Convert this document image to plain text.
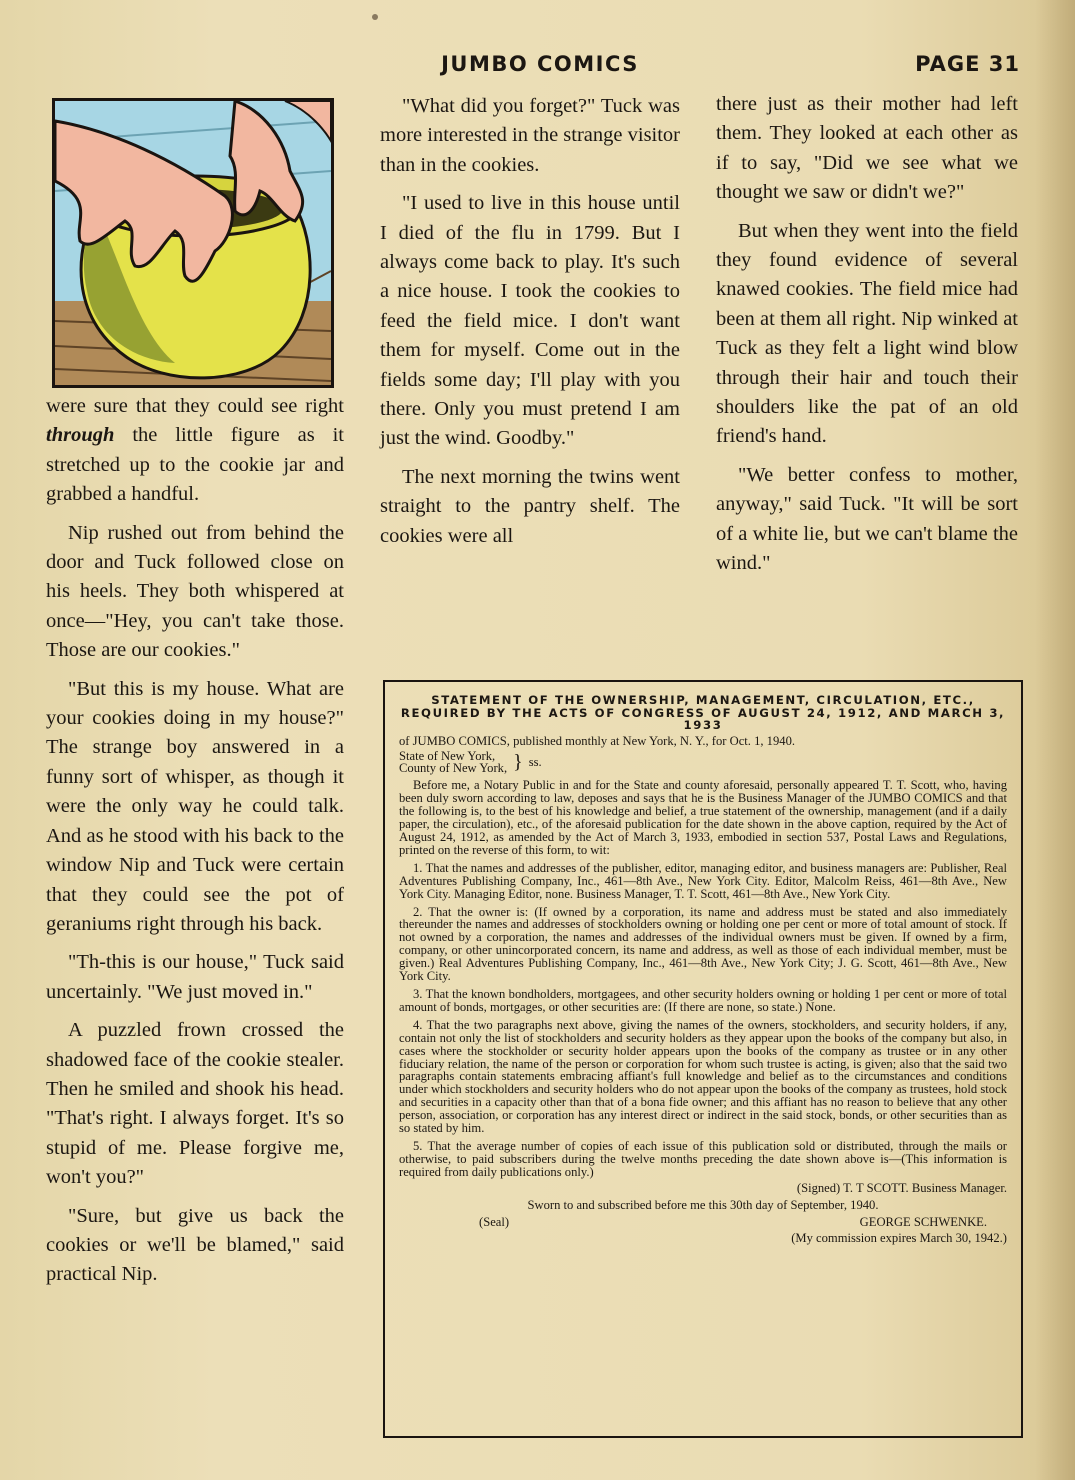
JUMBO COMICS	PAGE 31

were sure that they could see right through the little figure as it stretched up to the cookie jar and grabbed a handful.

Nip rushed out from behind the door and Tuck followed close on his heels. They both whispered at once—"Hey, you can't take those. Those are our cookies."

"But this is my house. What are your cookies doing in my house?" The strange boy answered in a funny sort of whisper, as though it were the only way he could talk. And as he stood with his back to the window Nip and Tuck were certain that they could see the pot of geraniums right through his back.

"Th-this is our house," Tuck said uncertainly. "We just moved in."

A puzzled frown crossed the shadowed face of the cookie stealer. Then he smiled and shook his head. "That's right. I always forget. It's so stupid of me. Please forgive me, won't you?"

"Sure, but give us back the cookies or we'll be blamed," said practical Nip.

"What did you forget?" Tuck was more interested in the strange visitor than in the cookies.

"I used to live in this house until I died of the flu in 1799. But I always come back to play. It's such a nice house. I took the cookies to feed the field mice. I don't want them for myself. Come out in the fields some day; I'll play with you there. Only you must pretend I am just the wind. Goodby."

The next morning the twins went straight to the pantry shelf. The cookies were all

there just as their mother had left them. They looked at each other as if to say, "Did we see what we thought we saw or didn't we?"

But when they went into the field they found evidence of several knawed cookies. The field mice had been at them all right. Nip winked at Tuck as they felt a light wind blow through their hair and touch their shoulders like the pat of an old friend's hand.

"We better confess to mother, anyway," said Tuck. "It will be sort of a white lie, but we can't blame the wind."

STATEMENT OF THE OWNERSHIP, MANAGEMENT, CIRCULATION, ETC., REQUIRED BY THE ACTS OF CONGRESS OF AUGUST 24, 1912, AND MARCH 3, 1933

of JUMBO COMICS, published monthly at New York, N. Y., for Oct. 1, 1940.

State of New York,	}	ss.
County of New York,

Before me, a Notary Public in and for the State and county aforesaid, personally appeared T. T. Scott, who, having been duly sworn according to law, deposes and says that he is the Business Manager of the JUMBO COMICS and that the following is, to the best of his knowledge and belief, a true statement of the ownership, management (and if a daily paper, the circulation), etc., of the aforesaid publication for the date shown in the above caption, required by the Act of August 24, 1912, as amended by the Act of March 3, 1933, embodied in section 537, Postal Laws and Regulations, printed on the reverse of this form, to wit:

1. That the names and addresses of the publisher, editor, managing editor, and business managers are: Publisher, Real Adventures Publishing Company, Inc., 461—8th Ave., New York City. Editor, Malcolm Reiss, 461—8th Ave., New York City. Managing Editor, none. Business Manager, T. T. Scott, 461—8th Ave., New York City.

2. That the owner is: (If owned by a corporation, its name and address must be stated and also immediately thereunder the names and addresses of stockholders owning or holding one per cent or more of total amount of stock. If not owned by a corporation, the names and addresses of the individual owners must be given. If owned by a firm, company, or other unincorporated concern, its name and address, as well as those of each individual member, must be given.) Real Adventures Publishing Company, Inc., 461—8th Ave., New York City; J. G. Scott, 461—8th Ave., New York City.

3. That the known bondholders, mortgagees, and other security holders owning or holding 1 per cent or more of total amount of bonds, mortgages, or other securities are: (If there are none, so state.) None.

4. That the two paragraphs next above, giving the names of the owners, stockholders, and security holders, if any, contain not only the list of stockholders and security holders as they appear upon the books of the company but also, in cases where the stockholder or security holder appears upon the books of the company as trustee or in any other fiduciary relation, the name of the person or corporation for whom such trustee is acting, is given; also that the said two paragraphs contain statements embracing affiant's full knowledge and belief as to the circumstances and conditions under which stockholders and security holders who do not appear upon the books of the company as trustees, hold stock and securities in a capacity other than that of a bona fide owner; and this affiant has no reason to believe that any other person, association, or corporation has any interest direct or indirect in the said stock, bonds, or other securities than as so stated by him.

5. That the average number of copies of each issue of this publication sold or distributed, through the mails or otherwise, to paid subscribers during the twelve months preceding the date shown above is—(This information is required from daily publications only.)

(Signed) T. T SCOTT. Business Manager.
Sworn to and subscribed before me this 30th day of September, 1940.
(Seal)	GEORGE SCHWENKE.
(My commission expires March 30, 1942.)
